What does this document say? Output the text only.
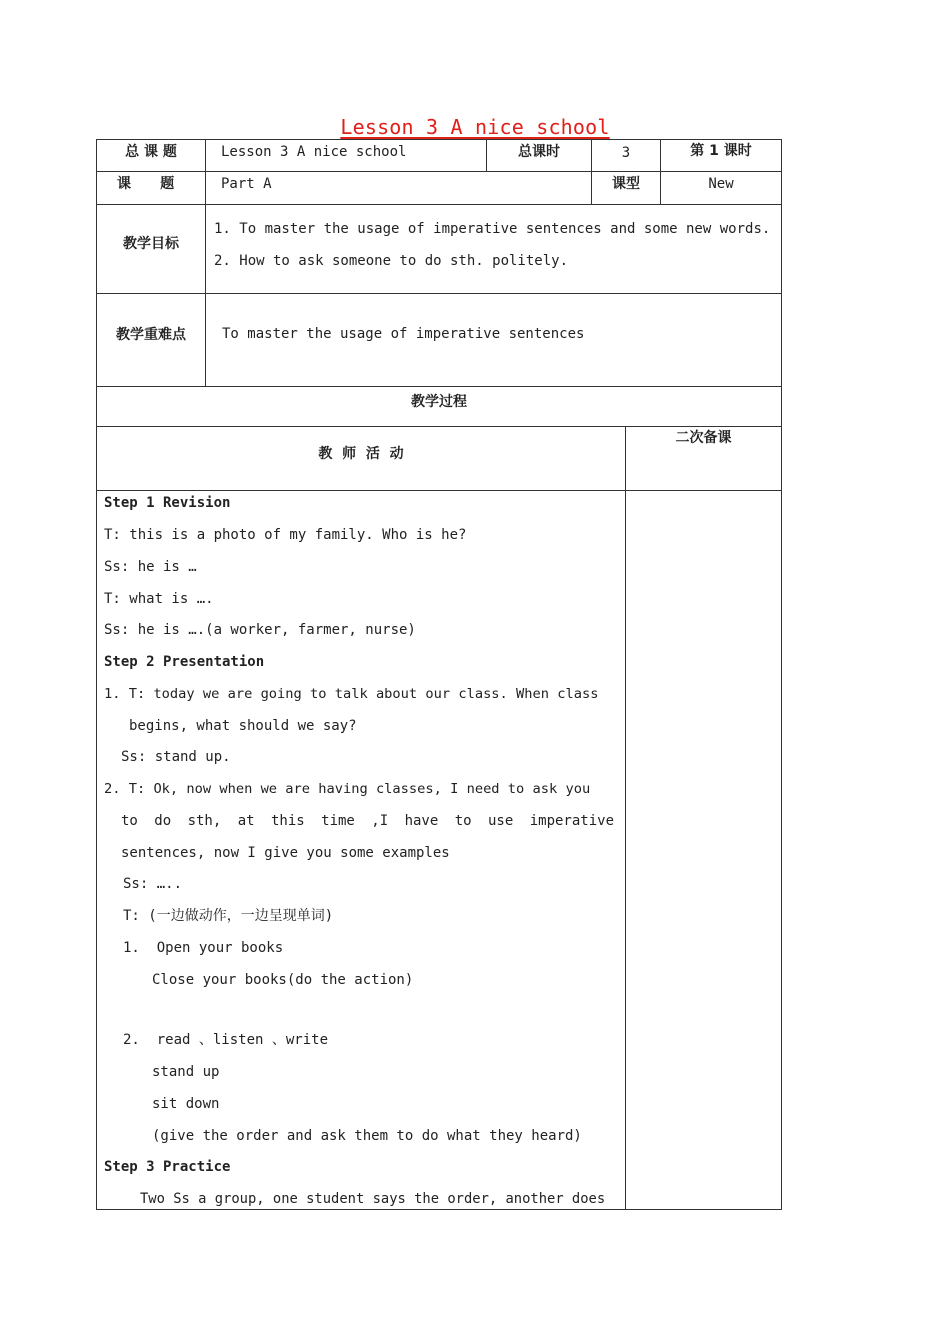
Lesson 3 A nice school
总 课 题	Lesson 3 A nice school	总课时	3	第 1 课时
课      题	Part A	课型	New
教学目标
1. To master the usage of imperative sentences and some new words.
2. How to ask someone to do sth. politely.
教学重难点	To master the usage of imperative sentences
教学过程
教  师  活  动
二次备课
Step 1 Revision
T: this is a photo of my family. Who is he?
Ss: he is …
T: what is ….
Ss: he is ….(a worker, farmer, nurse)
Step 2 Presentation
1. T: today we are going to talk about our class. When class
begins, what should we say?
Ss: stand up.
2. T: Ok, now when we are having classes, I need to ask you
to do sth, at this time ,I have to use imperative
sentences, now I give you some examples
Ss: …..
T: (一边做动作，一边呈现单词)
1.  Open your books
Close your books(do the action)
2.  read 、listen 、write
stand up
sit down
(give the order and ask them to do what they heard)
Step 3 Practice
Two Ss a group, one student says the order, another does
